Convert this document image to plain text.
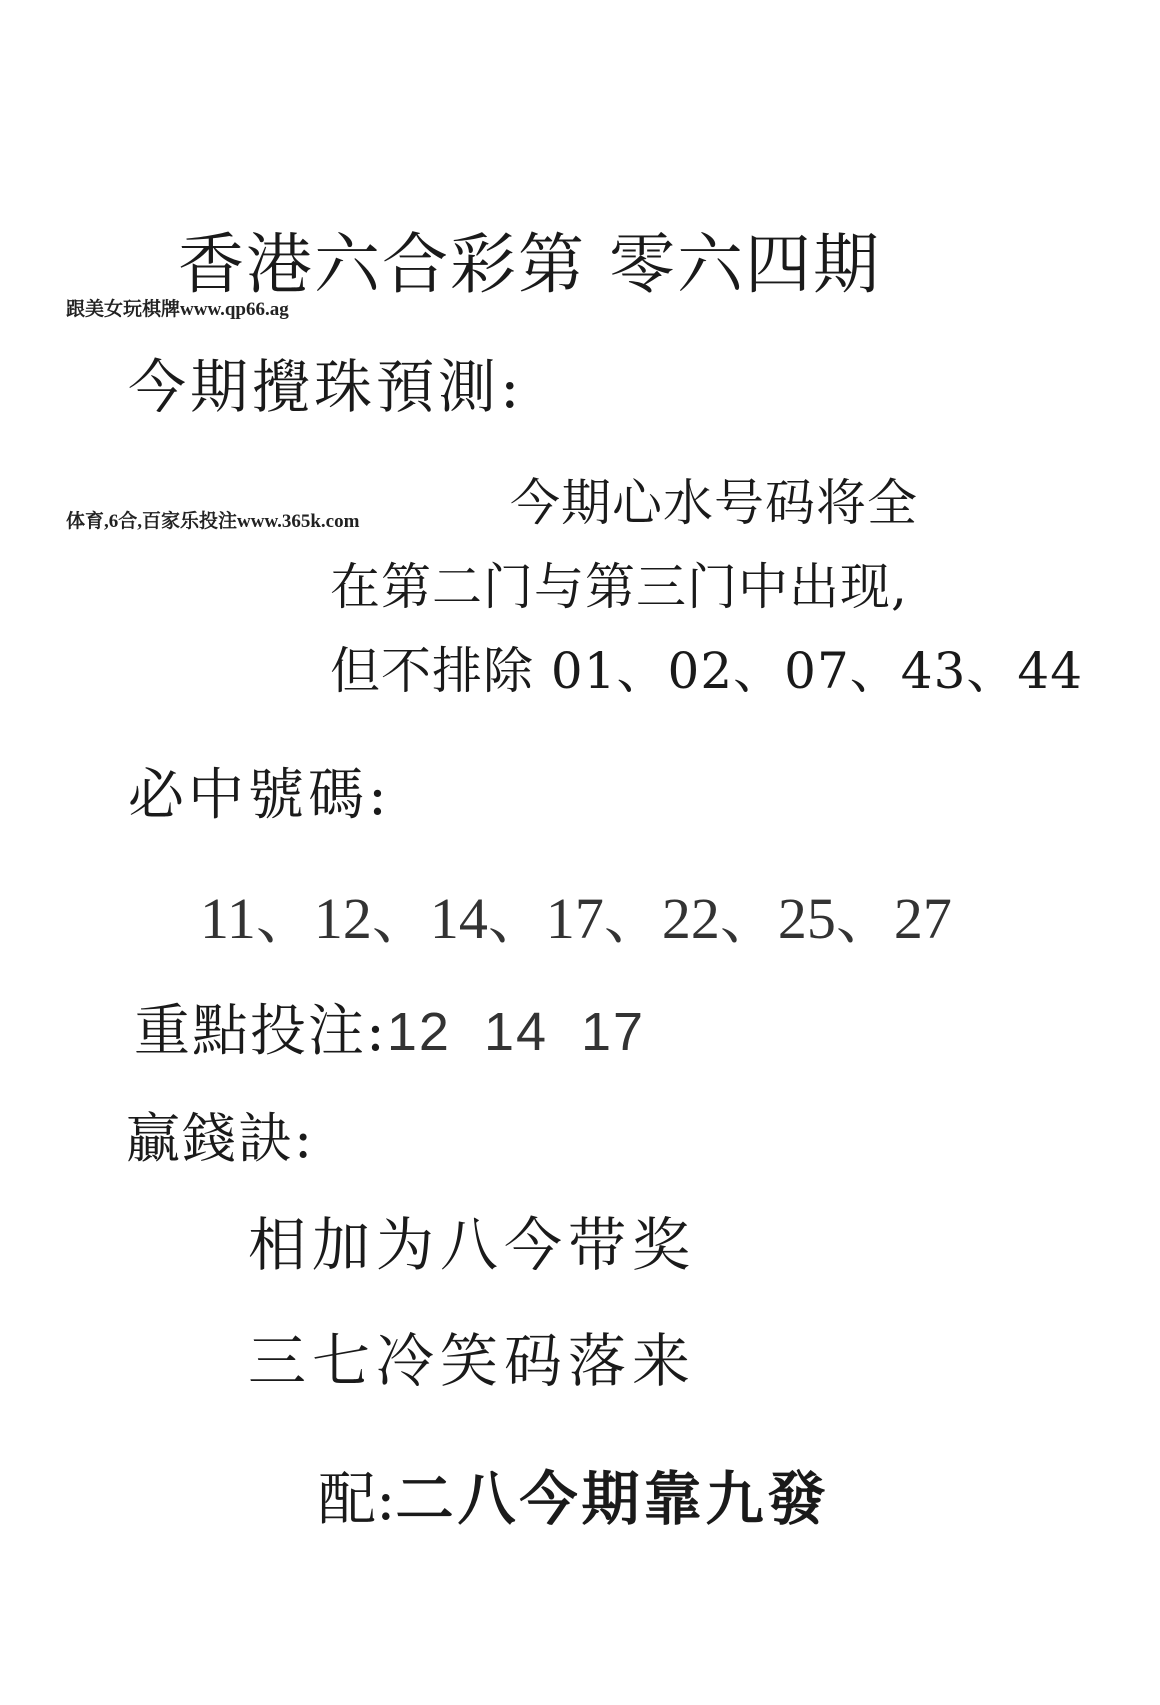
香港六合彩第 零六四期
跟美女玩棋牌www.qp66.ag
今期攪珠預測:
体育,6合,百家乐投注www.365k.com	今期心水号码将全
在第二门与第三门中出现,
但不排除 01、02、07、43、44
必中號碼:
11、12、14、17、22、25、27
重點投注:12 14 17
贏錢訣:
相加为八今带奖
三七冷笑码落来
配:二八今期靠九發
